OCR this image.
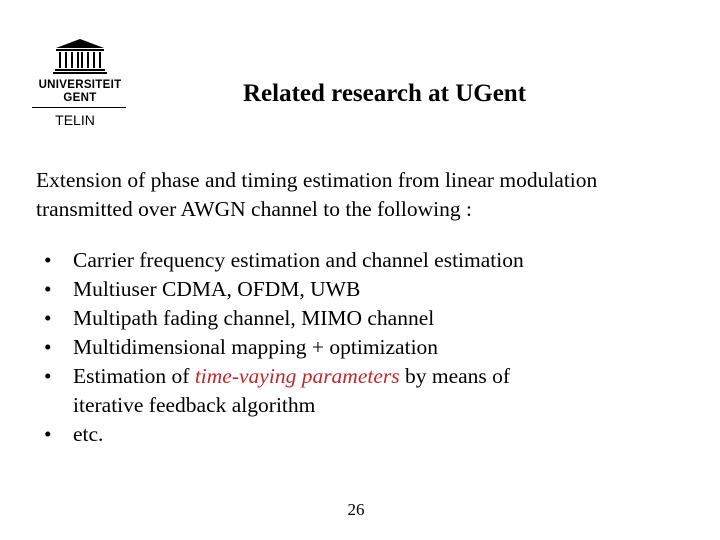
UNIVERSITEIT
GENT
TELIN
Related research at UGent
Extension of phase and timing estimation from linear modulation
transmitted over AWGN channel to the following :
• Carrier frequency estimation and channel estimation
• Multiuser CDMA, OFDM, UWB
• Multipath fading channel, MIMO channel
• Multidimensional mapping + optimization
• Estimation of time-vaying parameters by means of
iterative feedback algorithm
• etc.
26
